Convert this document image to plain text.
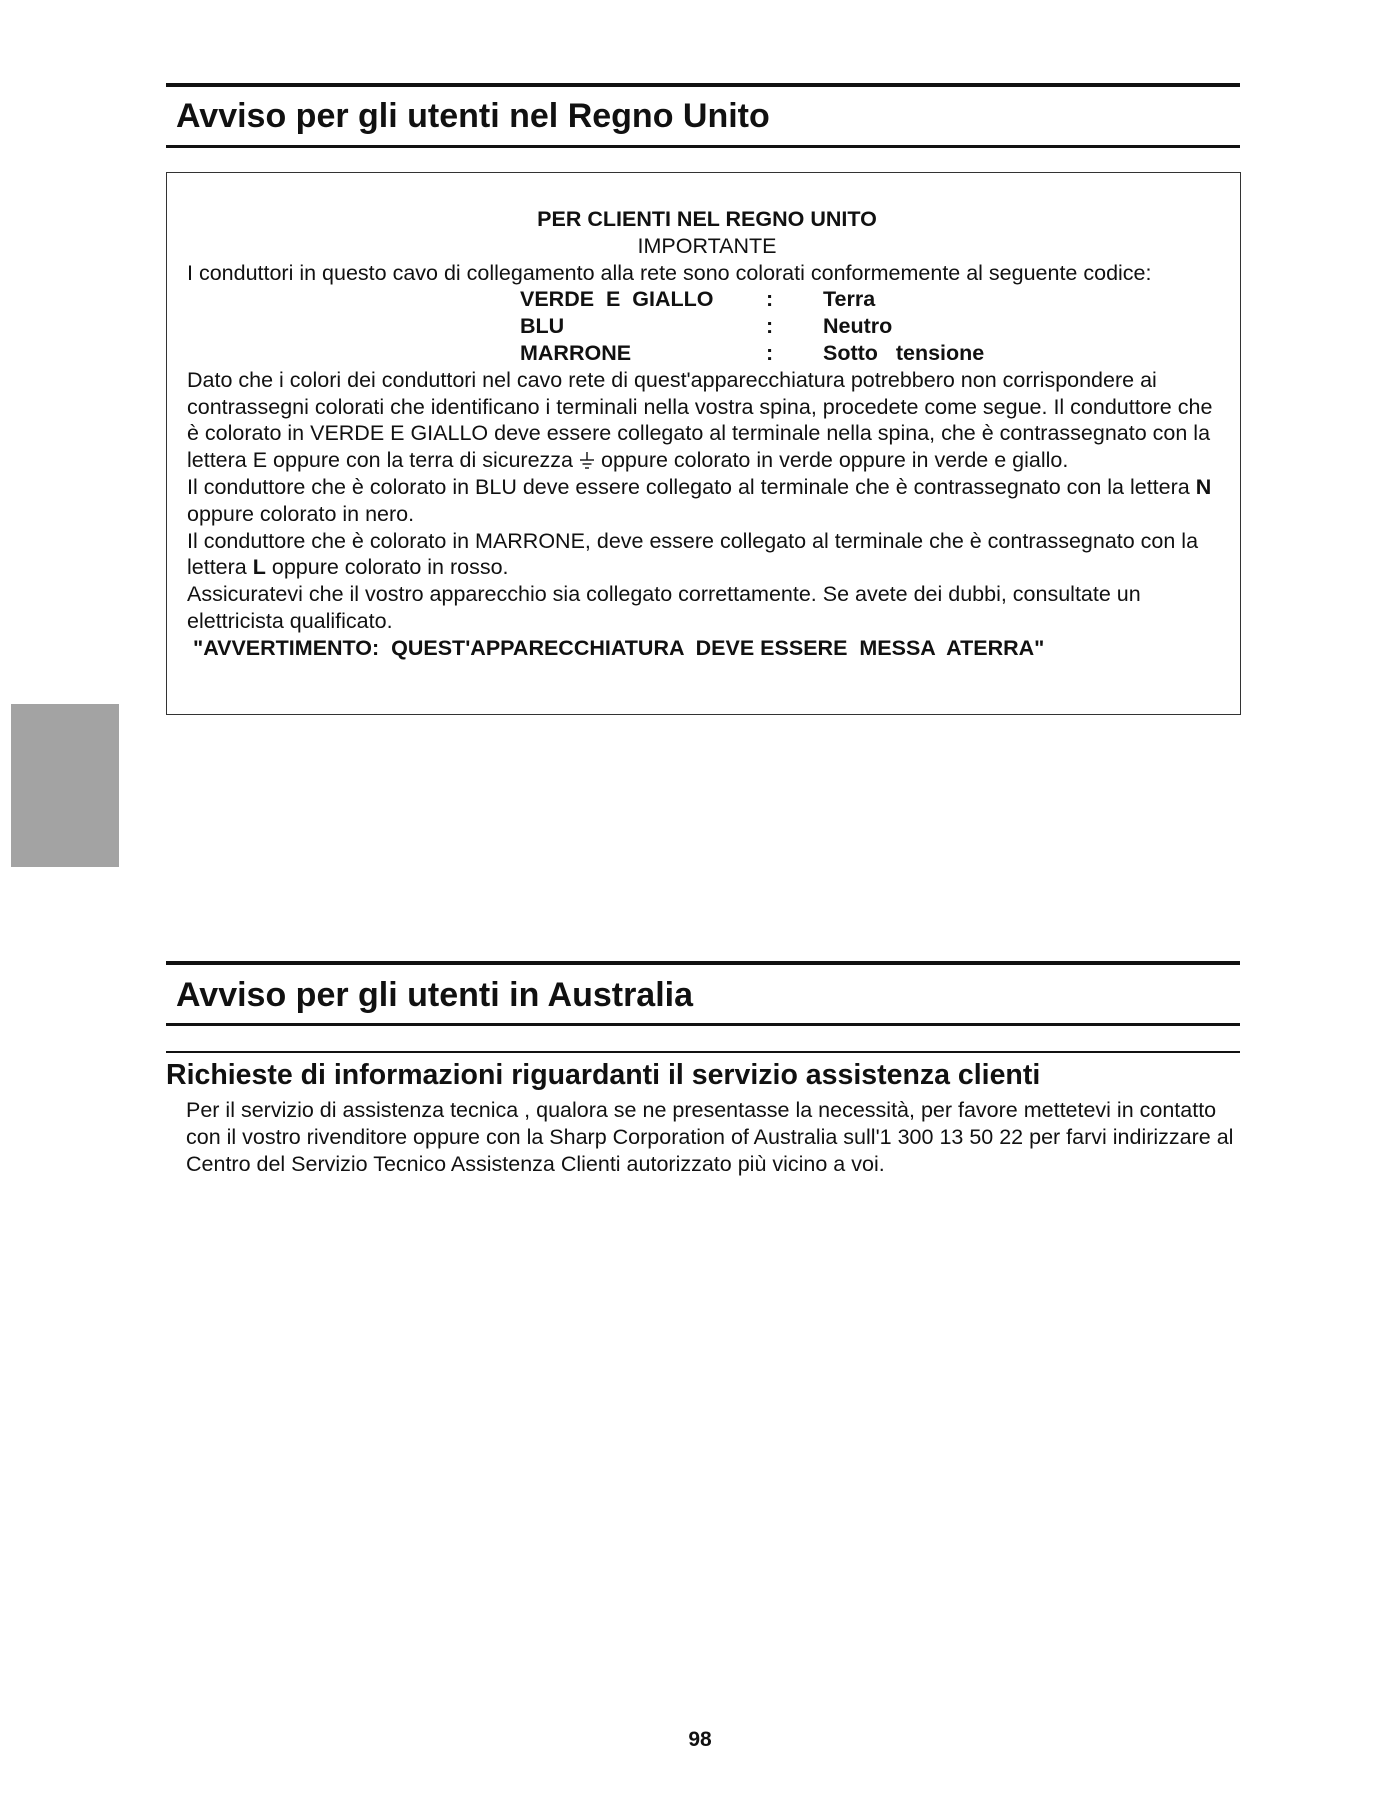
Avviso per gli utenti nel Regno Unito
PER CLIENTI NEL REGNO UNITO
IMPORTANTE
I conduttori in questo cavo di collegamento alla rete sono colorati conformemente al seguente codice:
VERDE  E  GIALLO	:	Terra
BLU	:	Neutro
MARRONE	:	Sotto   tensione

Dato che i colori dei conduttori nel cavo rete di quest'apparecchiatura potrebbero non corrispondere ai contrassegni colorati che identificano i terminali nella vostra spina, procedete come segue. Il conduttore che è colorato in VERDE E GIALLO deve essere collegato al terminale nella spina, che è contrassegnato con la lettera E oppure con la terra di sicurezza oppure colorato in verde oppure in verde e giallo.

Il conduttore che è colorato in BLU deve essere collegato al terminale che è contrassegnato con la lettera N oppure colorato in nero.

Il conduttore che è colorato in MARRONE, deve essere collegato al terminale che è contrassegnato con la lettera L oppure colorato in rosso.

Assicuratevi che il vostro apparecchio sia collegato correttamente. Se avete dei dubbi, consultate un elettricista qualificato.

"AVVERTIMENTO:  QUEST'APPARECCHIATURA  DEVE ESSERE  MESSA  ATERRA"
Avviso per gli utenti in Australia
Richieste di informazioni riguardanti il servizio assistenza clienti

Per il servizio di assistenza tecnica , qualora se ne presentasse la necessità, per favore mettetevi in contatto con il vostro rivenditore oppure con la Sharp Corporation of Australia sull'1 300 13 50 22 per farvi indirizzare al Centro del Servizio Tecnico Assistenza Clienti autorizzato più vicino a voi.

98
